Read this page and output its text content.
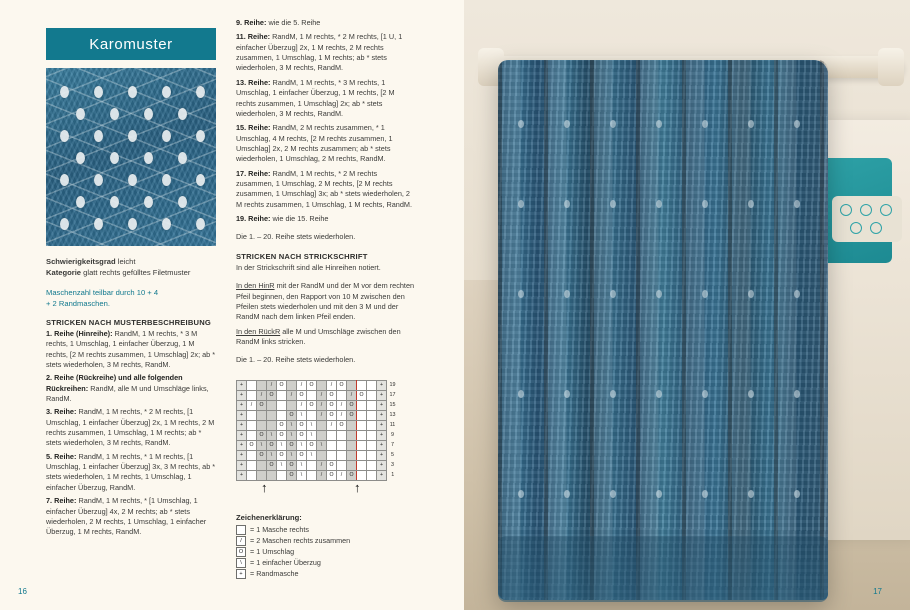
Karomuster
Schwierigkeitsgrad leicht
Kategorie glatt rechts gefülltes Filetmuster
Maschenzahl teilbar durch 10 + 4
+ 2 Randmaschen.
STRICKEN NACH MUSTERBESCHREIBUNG

1. Reihe (Hinreihe): RandM, 1 M rechts, * 3 M rechts, 1 Umschlag, 1 einfacher Überzug, 1 M rechts, [2 M rechts zusammen, 1 Umschlag] 2x; ab * stets wiederholen, 3 M rechts, RandM.

2. Reihe (Rückreihe) und alle folgenden Rückreihen: RandM, alle M und Umschläge links, RandM.

3. Reihe: RandM, 1 M rechts, * 2 M rechts, [1 Umschlag, 1 einfacher Überzug] 2x, 1 M rechts, 2 M rechts zusammen, 1 Umschlag, 1 M rechts; ab * stets wiederholen, 3 M rechts, RandM.

5. Reihe: RandM, 1 M rechts, * 1 M rechts, [1 Umschlag, 1 einfacher Überzug] 3x, 3 M rechts, ab * stets wiederholen, 1 M rechts, 1 Umschlag, 1 einfacher Überzug, RandM.

7. Reihe: RandM, 1 M rechts, * [1 Umschlag, 1 einfacher Überzug] 4x, 2 M rechts; ab * stets wiederholen, 2 M rechts, 1 Umschlag, 1 einfacher Überzug, 1 M rechts, RandM.

9. Reihe: wie die 5. Reihe

11. Reihe: RandM, 1 M rechts, * 2 M rechts, [1 U, 1 einfacher Überzug] 2x, 1 M rechts, 2 M rechts zusammen, 1 Umschlag, 1 M rechts; ab * stets wiederholen, 3 M rechts, RandM.

13. Reihe: RandM, 1 M rechts, * 3 M rechts, 1 Umschlag, 1 einfacher Überzug, 1 M rechts, [2 M rechts zusammen, 1 Umschlag] 2x; ab * stets wiederholen, 3 M rechts, RandM.

15. Reihe: RandM, 2 M rechts zusammen, * 1 Umschlag, 4 M rechts, [2 M rechts zusammen, 1 Umschlag] 2x, 2 M rechts zusammen; ab * stets wiederholen, 1 Umschlag, 2 M rechts, RandM.

17. Reihe: RandM, 1 M rechts, * 2 M rechts zusammen, 1 Umschlag, 2 M rechts, [2 M rechts zusammen, 1 Umschlag] 3x; ab * stets wiederholen, 2 M rechts zusammen, 1 Umschlag, 1 M rechts, RandM.

19. Reihe: wie die 15. Reihe

Die 1. – 20. Reihe stets wiederholen.

STRICKEN NACH STRICKSCHRIFT

In der Strickschrift sind alle Hinreihen notiert.

In den HinR mit der RandM und der M vor dem rechten Pfeil beginnen, den Rapport von 10 M zwischen den Pfeilen stets wiederholen und mit den 3 M und der RandM nach dem linken Pfeil enden.

In den RückR alle M und Umschläge zwischen den RandM links stricken.

Die 1. – 20. Reihe stets wiederholen.

+			/	O		/	O		/	O				+	19
+		/	O		/	O		/	O		/	O		+	17
+	/	O				/	O	/	O	/	O			+	15
+					O	\		/	O	/	O			+	13
+				O	\	O	\		/	O				+	11
+		O	\	O	\	O	\							+	9
+	O	\	O	\	O	\	O	\						+	7
+		O	\	O	\	O	\							+	5
+			O	\	O	\		/	O					+	3
+					O	\		/	O	/	O			+	1
↑	↑
Zeichenerklärung:
= 1 Masche rechts
/	= 2 Maschen rechts zusammen
O = 1 Umschlag
\	= 1 einfacher Überzug
+	= Randmasche
16	17
